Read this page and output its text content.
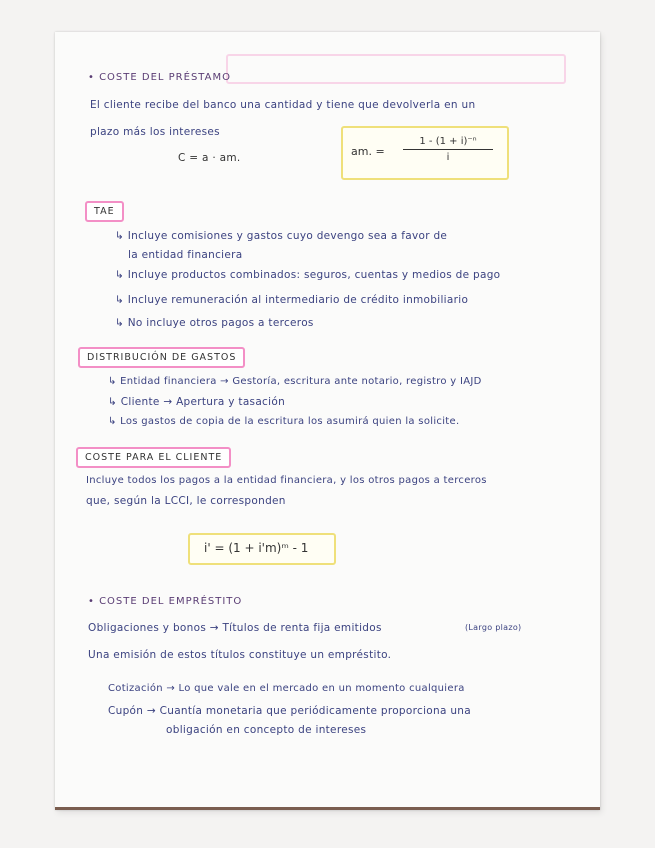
• COSTE DEL PRÉSTAMO
El cliente recibe del banco una cantidad y tiene que devolverla en un
plazo más los intereses
C = a · am.	am. =
1 - (1 + i)⁻ⁿ
i
TAE
↳ Incluye comisiones y gastos cuyo devengo sea a favor de
la entidad financiera
↳ Incluye productos combinados: seguros, cuentas y medios de pago
↳ Incluye remuneración al intermediario de crédito inmobiliario
↳ No incluye otros pagos a terceros
DISTRIBUCIÓN DE GASTOS
↳ Entidad financiera → Gestoría, escritura ante notario, registro y IAJD
↳ Cliente → Apertura y tasación
↳ Los gastos de copia de la escritura los asumirá quien la solicite.
COSTE PARA EL CLIENTE
Incluye todos los pagos a la entidad financiera, y los otros pagos a terceros
que, según la LCCI, le corresponden
i' = (1 + i'm)ᵐ - 1
• COSTE DEL EMPRÉSTITO
Obligaciones y bonos → Títulos de renta fija emitidos	(Largo plazo)
Una emisión de estos títulos constituye un empréstito.
Cotización → Lo que vale en el mercado en un momento cualquiera
Cupón → Cuantía monetaria que periódicamente proporciona una
obligación en concepto de intereses
